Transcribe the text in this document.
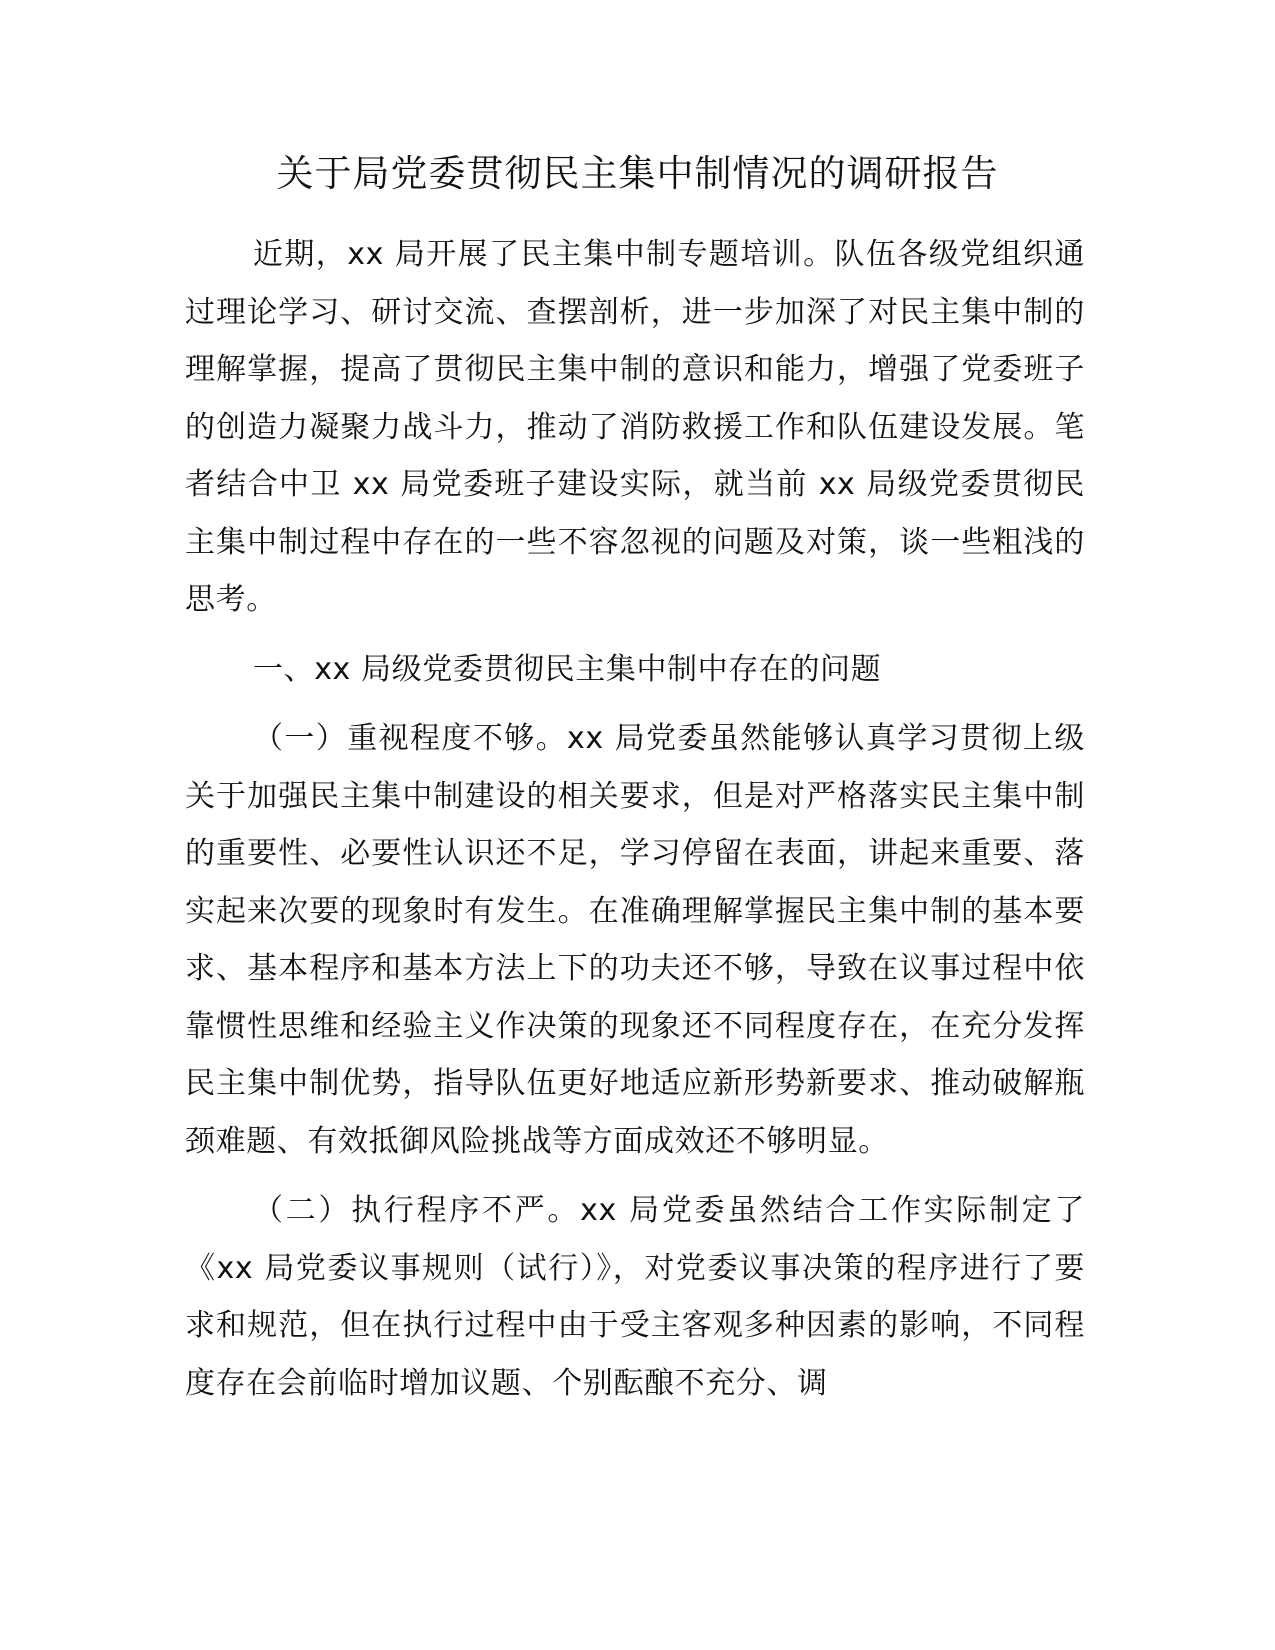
关于局党委贯彻民主集中制情况的调研报告

近期，xx 局开展了民主集中制专题培训。队伍各级党组织通过理论学习、研讨交流、查摆剖析，进一步加深了对民主集中制的理解掌握，提高了贯彻民主集中制的意识和能力，增强了党委班子的创造力凝聚力战斗力，推动了消防救援工作和队伍建设发展。笔者结合中卫 xx 局党委班子建设实际，就当前 xx 局级党委贯彻民主集中制过程中存在的一些不容忽视的问题及对策，谈一些粗浅的思考。

一、xx 局级党委贯彻民主集中制中存在的问题

（一）重视程度不够。xx 局党委虽然能够认真学习贯彻上级关于加强民主集中制建设的相关要求，但是对严格落实民主集中制的重要性、必要性认识还不足，学习停留在表面，讲起来重要、落实起来次要的现象时有发生。在准确理解掌握民主集中制的基本要求、基本程序和基本方法上下的功夫还不够，导致在议事过程中依靠惯性思维和经验主义作决策的现象还不同程度存在，在充分发挥民主集中制优势，指导队伍更好地适应新形势新要求、推动破解瓶颈难题、有效抵御风险挑战等方面成效还不够明显。

（二）执行程序不严。xx 局党委虽然结合工作实际制定了《xx 局党委议事规则（试行）》，对党委议事决策的程序进行了要求和规范，但在执行过程中由于受主客观多种因素的影响，不同程度存在会前临时增加议题、个别酝酿不充分、调
